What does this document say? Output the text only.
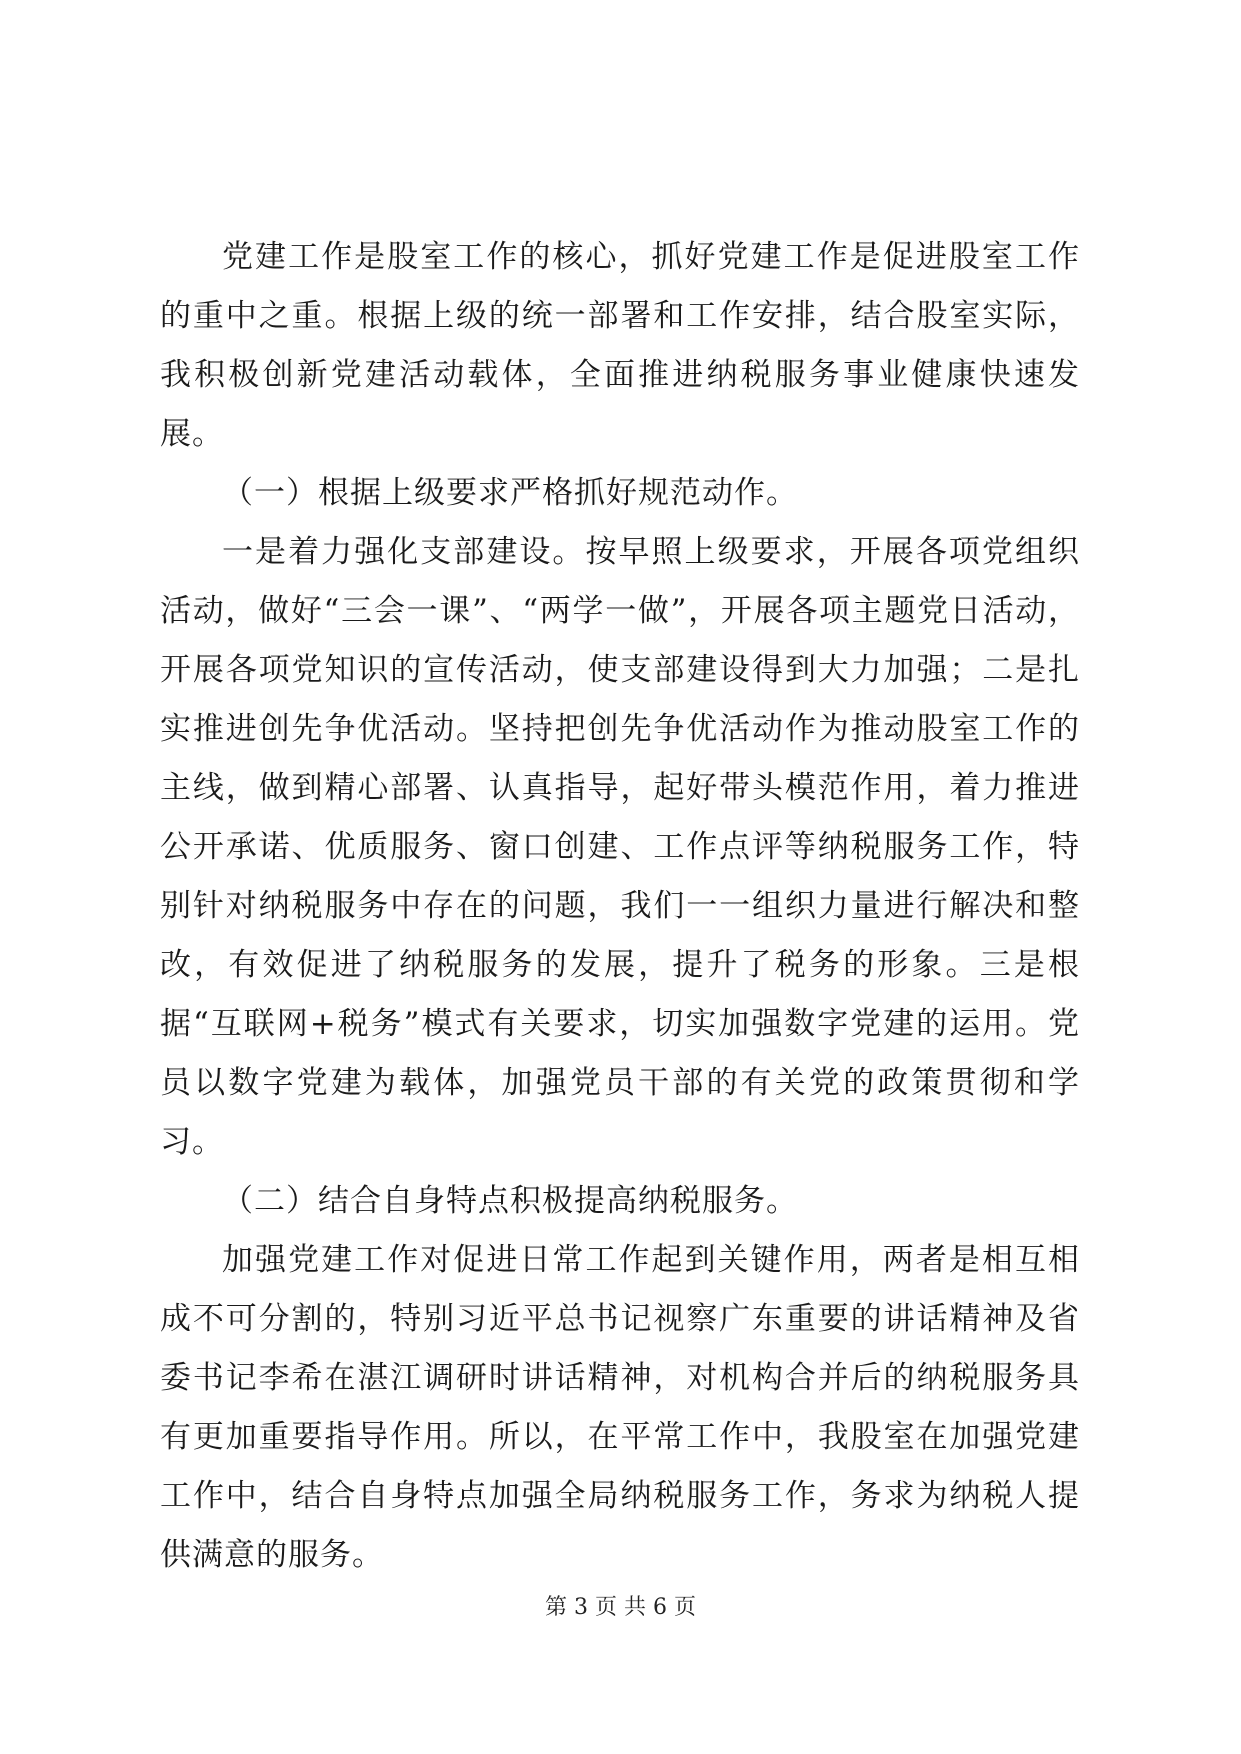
党建工作是股室工作的核心，抓好党建工作是促进股室工作的重中之重。根据上级的统一部署和工作安排，结合股室实际，我积极创新党建活动载体，全面推进纳税服务事业健康快速发展。

（一）根据上级要求严格抓好规范动作。

一是着力强化支部建设。按早照上级要求，开展各项党组织活动，做好“三会一课”、“两学一做”，开展各项主题党日活动，开展各项党知识的宣传活动，使支部建设得到大力加强；二是扎实推进创先争优活动。坚持把创先争优活动作为推动股室工作的主线，做到精心部署、认真指导，起好带头模范作用，着力推进公开承诺、优质服务、窗口创建、工作点评等纳税服务工作，特别针对纳税服务中存在的问题，我们一一组织力量进行解决和整改，有效促进了纳税服务的发展，提升了税务的形象。三是根据“互联网+税务”模式有关要求，切实加强数字党建的运用。党员以数字党建为载体，加强党员干部的有关党的政策贯彻和学习。

（二）结合自身特点积极提高纳税服务。

加强党建工作对促进日常工作起到关键作用，两者是相互相成不可分割的，特别习近平总书记视察广东重要的讲话精神及省委书记李希在湛江调研时讲话精神，对机构合并后的纳税服务具有更加重要指导作用。所以，在平常工作中，我股室在加强党建工作中，结合自身特点加强全局纳税服务工作，务求为纳税人提供满意的服务。

第 3 页 共 6 页
